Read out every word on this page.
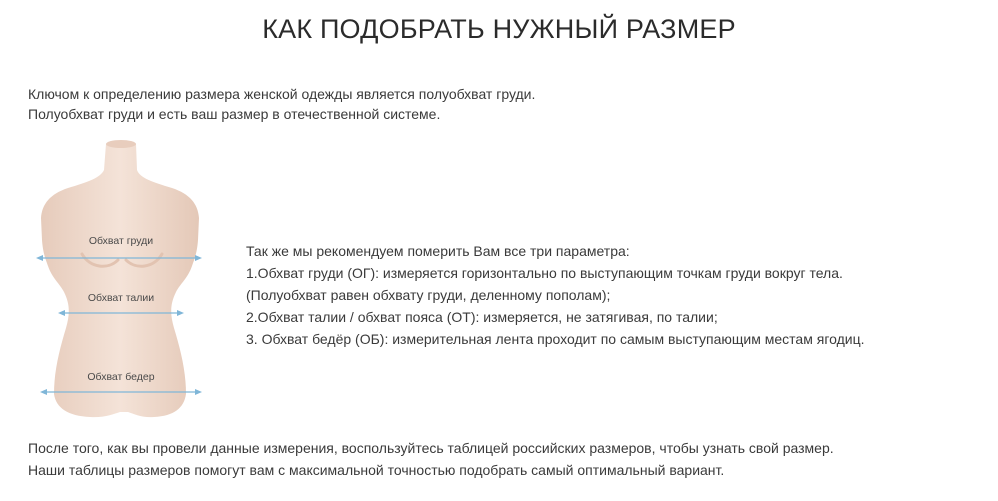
КАК ПОДОБРАТЬ НУЖНЫЙ РАЗМЕР

Ключом к определению размера женской одежды является полуобхват груди.

Полуобхват груди и есть ваш размер в отечественной системе.

Обхват груди
Обхват талии
Обхват бедер

Так же мы рекомендуем померить Вам все три параметра:

1.Обхват груди (ОГ): измеряется горизонтально по выступающим точкам груди вокруг тела.

(Полуобхват равен обхвату груди, деленному пополам);

2.Обхват талии / обхват пояса (ОТ): измеряется, не затягивая, по талии;

3. Обхват бедёр (ОБ): измерительная лента проходит по самым выступающим местам ягодиц.

После того, как вы провели данные измерения, воспользуйтесь таблицей российских размеров, чтобы узнать свой размер.

Наши таблицы размеров помогут вам с максимальной точностью подобрать самый оптимальный вариант.
